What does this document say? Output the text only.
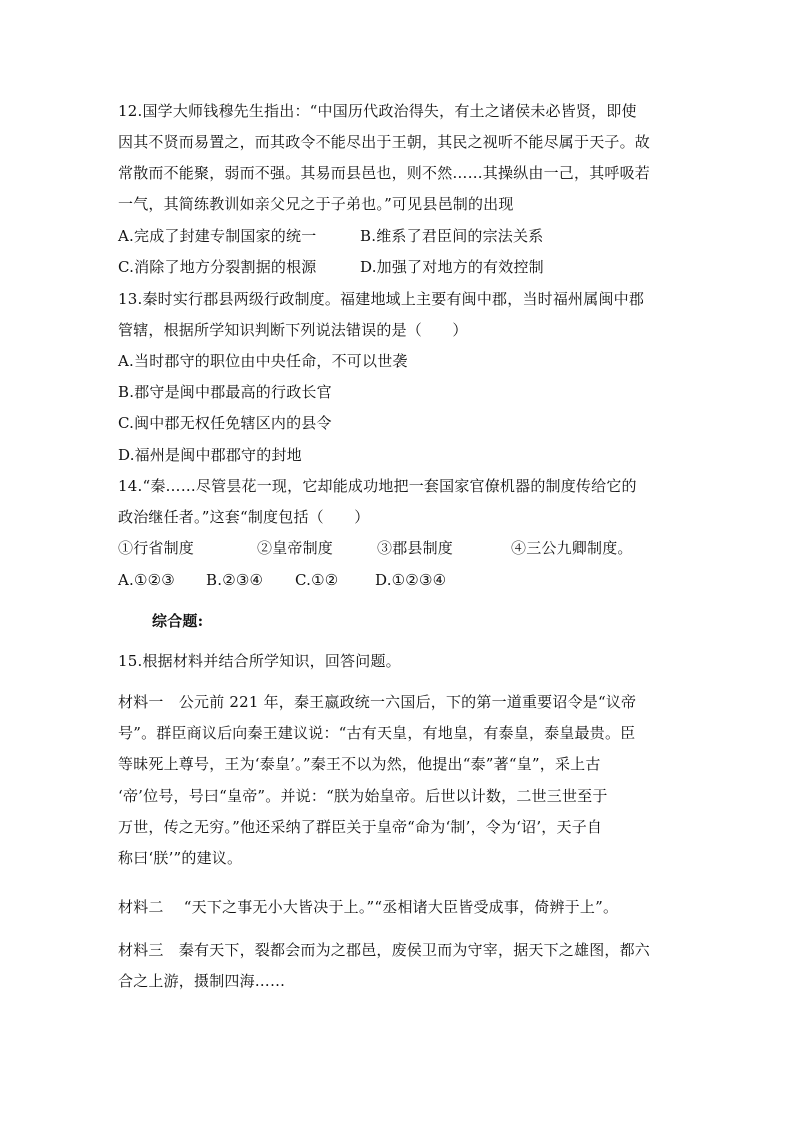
12.国学大师钱穆先生指出：“中国历代政治得失，有土之诸侯未必皆贤，即使
因其不贤而易置之，而其政令不能尽出于王朝，其民之视听不能尽属于天子。故
常散而不能聚，弱而不强。其易而县邑也，则不然……其操纵由一己，其呼吸若
一气，其简练教训如亲父兄之于子弟也。”可见县邑制的出现
A.完成了封建专制国家的统一	B.维系了君臣间的宗法关系
C.消除了地方分裂割据的根源	D.加强了对地方的有效控制
13.秦时实行郡县两级行政制度。福建地域上主要有闽中郡，当时福州属闽中郡
管辖，根据所学知识判断下列说法错误的是（　　）
A.当时郡守的职位由中央任命，不可以世袭
B.郡守是闽中郡最高的行政长官
C.闽中郡无权任免辖区内的县令
D.福州是闽中郡郡守的封地
14.“秦……尽管昙花一现，它却能成功地把一套国家官僚机器的制度传给它的
政治继任者。”这套“制度包括（　　）
①行省制度	②皇帝制度	③郡县制度	④三公九卿制度。
A.①②③ B.②③④ C.①② D.①②③④
综合题:
15.根据材料并结合所学知识，回答问题。
材料一　公元前 221 年，秦王嬴政统一六国后，下的第一道重要诏令是“议帝
号”。群臣商议后向秦王建议说：“古有天皇，有地皇，有泰皇，泰皇最贵。臣
等昧死上尊号，王为‘泰皇’。”秦王不以为然，他提出“泰”著“皇”，采上古
‘帝’位号，号曰“皇帝”。并说：“朕为始皇帝。后世以计数，二世三世至于
万世，传之无穷。”他还采纳了群臣关于皇帝“命为‘制’，令为‘诏’，天子自
称曰‘朕’”的建议。
材料二　 “天下之事无小大皆决于上。”“丞相诸大臣皆受成事，倚辨于上”。
材料三　秦有天下，裂都会而为之郡邑，废侯卫而为守宰，据天下之雄图，都六
合之上游，摄制四海……
